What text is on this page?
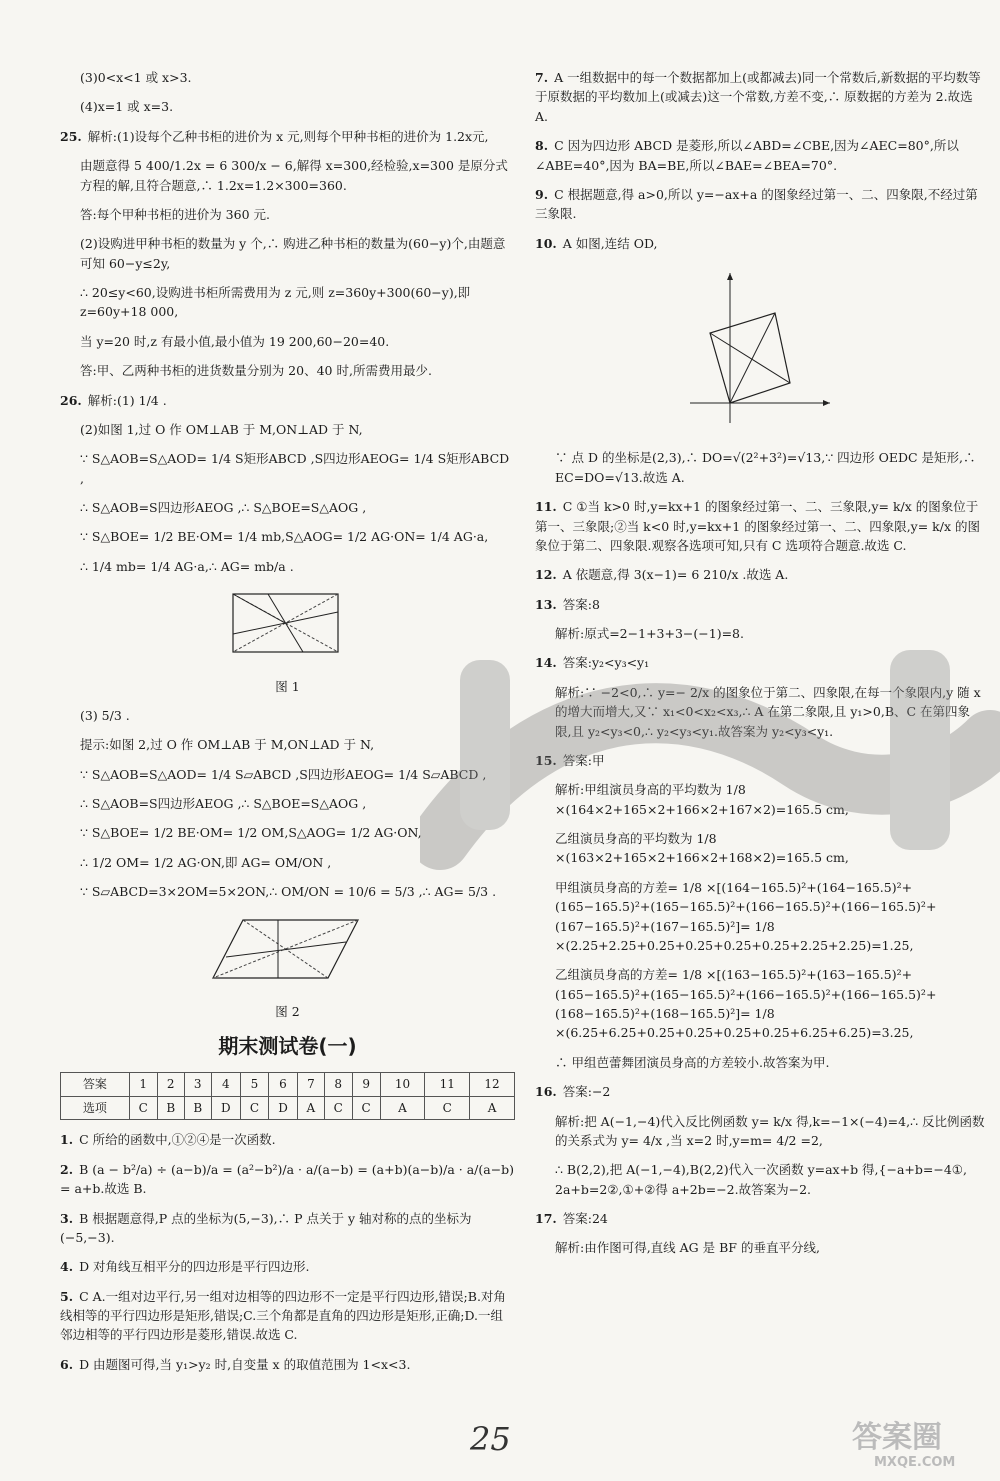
(3)0<x<1 或 x>3.

(4)x=1 或 x=3.

25. 解析:(1)设每个乙种书柜的进价为 x 元,则每个甲种书柜的进价为 1.2x元,

由题意得 5 400/1.2x = 6 300/x − 6,解得 x=300,经检验,x=300 是原分式方程的解,且符合题意,∴ 1.2x=1.2×300=360.

答:每个甲种书柜的进价为 360 元.

(2)设购进甲种书柜的数量为 y 个,∴ 购进乙种书柜的数量为(60−y)个,由题意可知 60−y≤2y,

∴ 20≤y<60,设购进书柜所需费用为 z 元,则 z=360y+300(60−y),即 z=60y+18 000,

当 y=20 时,z 有最小值,最小值为 19 200,60−20=40.

答:甲、乙两种书柜的进货数量分别为 20、40 时,所需费用最少.

26. 解析:(1) 1/4 .

(2)如图 1,过 O 作 OM⊥AB 于 M,ON⊥AD 于 N,

∵ S△AOB=S△AOD= 1/4 S矩形ABCD ,S四边形AEOG= 1/4 S矩形ABCD ,

∴ S△AOB=S四边形AEOG ,∴ S△BOE=S△AOG ,

∵ S△BOE= 1/2 BE·OM= 1/4 mb,S△AOG= 1/2 AG·ON= 1/4 AG·a,

∴ 1/4 mb= 1/4 AG·a,∴ AG= mb/a .

图 1

(3) 5/3 .

提示:如图 2,过 O 作 OM⊥AB 于 M,ON⊥AD 于 N,

∵ S△AOB=S△AOD= 1/4 S▱ABCD ,S四边形AEOG= 1/4 S▱ABCD ,

∴ S△AOB=S四边形AEOG ,∴ S△BOE=S△AOG ,

∵ S△BOE= 1/2 BE·OM= 1/2 OM,S△AOG= 1/2 AG·ON,

∴ 1/2 OM= 1/2 AG·ON,即 AG= OM/ON ,

∵ S▱ABCD=3×2OM=5×2ON,∴ OM/ON = 10/6 = 5/3 ,∴ AG= 5/3 .

图 2
期末测试卷(一)
答案	1	2	3	4	5	6	7	8	9	10	11	12
选项	C	B	B	D	C	D	A	C	C	A	C	A

1. C 所给的函数中,①②④是一次函数.

2. B (a − b²/a) ÷ (a−b)/a = (a²−b²)/a · a/(a−b) = (a+b)(a−b)/a · a/(a−b) = a+b.故选 B.

3. B 根据题意得,P 点的坐标为(5,−3),∴ P 点关于 y 轴对称的点的坐标为(−5,−3).

4. D 对角线互相平分的四边形是平行四边形.

5. C A.一组对边平行,另一组对边相等的四边形不一定是平行四边形,错误;B.对角线相等的平行四边形是矩形,错误;C.三个角都是直角的四边形是矩形,正确;D.一组邻边相等的平行四边形是菱形,错误.故选 C.

6. D 由题图可得,当 y₁>y₂ 时,自变量 x 的取值范围为 1<x<3.

7. A 一组数据中的每一个数据都加上(或都减去)同一个常数后,新数据的平均数等于原数据的平均数加上(或减去)这一个常数,方差不变,∴ 原数据的方差为 2.故选 A.

8. C 因为四边形 ABCD 是菱形,所以∠ABD=∠CBE,因为∠AEC=80°,所以∠ABE=40°,因为 BA=BE,所以∠BAE=∠BEA=70°.

9. C 根据题意,得 a>0,所以 y=−ax+a 的图象经过第一、二、四象限,不经过第三象限.

10. A 如图,连结 OD,

∵ 点 D 的坐标是(2,3),∴ DO=√(2²+3²)=√13,∵ 四边形 OEDC 是矩形,∴ EC=DO=√13.故选 A.

11. C ①当 k>0 时,y=kx+1 的图象经过第一、二、三象限,y= k/x 的图象位于第一、三象限;②当 k<0 时,y=kx+1 的图象经过第一、二、四象限,y= k/x 的图象位于第二、四象限.观察各选项可知,只有 C 选项符合题意.故选 C.

12. A 依题意,得 3(x−1)= 6 210/x .故选 A.

13. 答案:8

解析:原式=2−1+3+3−(−1)=8.

14. 答案:y₂<y₃<y₁

解析:∵ −2<0,∴ y=− 2/x 的图象位于第二、四象限,在每一个象限内,y 随 x 的增大而增大,又∵ x₁<0<x₂<x₃,∴ A 在第二象限,且 y₁>0,B、C 在第四象限,且 y₂<y₃<0,∴ y₂<y₃<y₁.故答案为 y₂<y₃<y₁.

15. 答案:甲

解析:甲组演员身高的平均数为 1/8 ×(164×2+165×2+166×2+167×2)=165.5 cm,

乙组演员身高的平均数为 1/8 ×(163×2+165×2+166×2+168×2)=165.5 cm,

甲组演员身高的方差= 1/8 ×[(164−165.5)²+(164−165.5)²+(165−165.5)²+(165−165.5)²+(166−165.5)²+(166−165.5)²+(167−165.5)²+(167−165.5)²]= 1/8 ×(2.25+2.25+0.25+0.25+0.25+0.25+2.25+2.25)=1.25,

乙组演员身高的方差= 1/8 ×[(163−165.5)²+(163−165.5)²+(165−165.5)²+(165−165.5)²+(166−165.5)²+(166−165.5)²+(168−165.5)²+(168−165.5)²]= 1/8 ×(6.25+6.25+0.25+0.25+0.25+0.25+6.25+6.25)=3.25,

∴ 甲组芭蕾舞团演员身高的方差较小.故答案为甲.

16. 答案:−2

解析:把 A(−1,−4)代入反比例函数 y= k/x 得,k=−1×(−4)=4,∴ 反比例函数的关系式为 y= 4/x ,当 x=2 时,y=m= 4/2 =2,

∴ B(2,2),把 A(−1,−4),B(2,2)代入一次函数 y=ax+b 得,{−a+b=−4①, 2a+b=2②,①+②得 a+2b=−2.故答案为−2.

17. 答案:24

解析:由作图可得,直线 AG 是 BF 的垂直平分线,

25	答案圈
MXQE.COM
